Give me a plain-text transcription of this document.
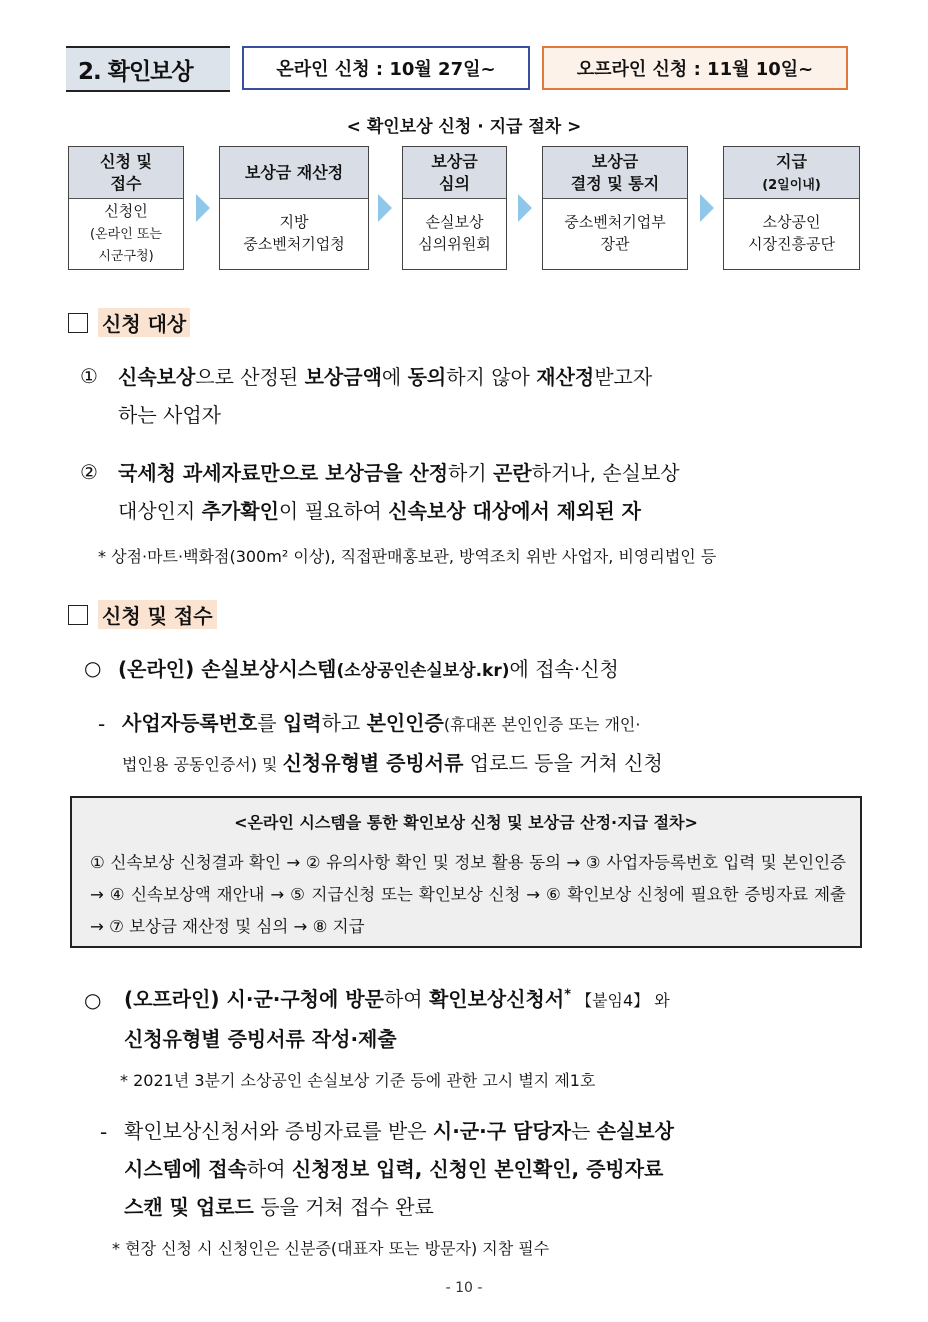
2. 확인보상	온라인 신청 : 10월 27일~	오프라인 신청 : 11월 10일~
< 확인보상 신청 · 지급 절차 >
신청 및
접수
신청인
(온라인 또는
시군구청)
보상금 재산정
지방
중소벤처기업청
보상금
심의
손실보상
심의위원회
보상금
결정 및 통지
중소벤처기업부
장관
지급
(2일이내)
소상공인
시장진흥공단
신청 대상
① 신속보상으로 산정된 보상금액에 동의하지 않아 재산정받고자
하는 사업자
② 국세청 과세자료만으로 보상금을 산정하기 곤란하거나, 손실보상
대상인지 추가확인이 필요하여 신속보상 대상에서 제외된 자
* 상점·마트·백화점(300m² 이상), 직접판매홍보관, 방역조치 위반 사업자, 비영리법인 등
신청 및 접수
○ (온라인) 손실보상시스템(소상공인손실보상.kr)에 접속·신청
- 사업자등록번호를 입력하고 본인인증(휴대폰 본인인증 또는 개인·
법인용 공동인증서) 및 신청유형별 증빙서류 업로드 등을 거쳐 신청
<온라인 시스템을 통한 확인보상 신청 및 보상금 산정·지급 절차>
① 신속보상 신청결과 확인 → ② 유의사항 확인 및 정보 활용 동의 → ③ 사업자등록번호 입력 및 본인인증 → ④ 신속보상액 재안내 → ⑤ 지급신청 또는 확인보상 신청 → ⑥ 확인보상 신청에 필요한 증빙자료 제출 → ⑦ 보상금 재산정 및 심의 → ⑧ 지급
○ (오프라인) 시·군·구청에 방문하여 확인보상신청서* 【붙임4】 와
신청유형별 증빙서류 작성·제출
* 2021년 3분기 소상공인 손실보상 기준 등에 관한 고시 별지 제1호
- 확인보상신청서와 증빙자료를 받은 시·군·구 담당자는 손실보상
시스템에 접속하여 신청정보 입력, 신청인 본인확인, 증빙자료
스캔 및 업로드 등을 거쳐 접수 완료
* 현장 신청 시 신청인은 신분증(대표자 또는 방문자) 지참 필수
- 10 -
